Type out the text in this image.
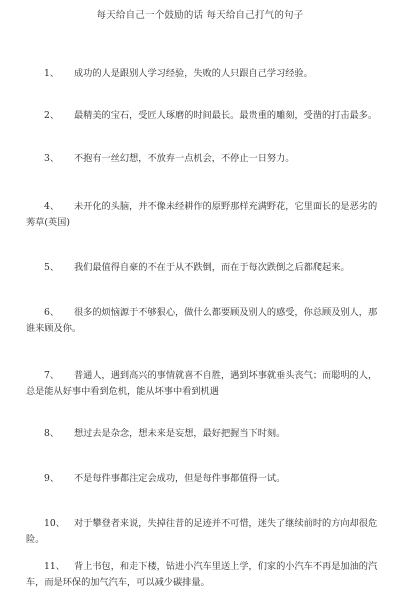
每天给自己一个鼓励的话 每天给自己打气的句子
1、 成功的人是跟别人学习经验，失败的人只跟自己学习经验。
2、 最精美的宝石，受匠人琢磨的时间最长。最贵重的雕刻，受凿的打击最多。
3、 不抱有一丝幻想，不放弃一点机会，不停止一日努力。
4、 未开化的头脑，并不像未经耕作的原野那样充满野花，它里面长的是恶劣的莠草(英国)
5、 我们最值得自豪的不在于从不跌倒，而在于每次跌倒之后都爬起来。
6、 很多的烦恼源于不够狠心，做什么都要顾及别人的感受，你总顾及别人，那谁来顾及你。
7、 普通人，遇到高兴的事情就喜不自胜，遇到坏事就垂头丧气；而聪明的人，总是能从好事中看到危机，能从坏事中看到机遇
8、 想过去是杂念，想未来是妄想，最好把握当下时刻。
9、 不是每件事都注定会成功，但是每件事都值得一试。
10、 对于攀登者来说，失掉往昔的足迹并不可惜，迷失了继续前时的方向却很危险。
11、 背上书包，和走下楼，钻进小汽车里送上学，们家的小汽车不再是加油的汽车，而是环保的加气汽车，可以减少碳排量。
